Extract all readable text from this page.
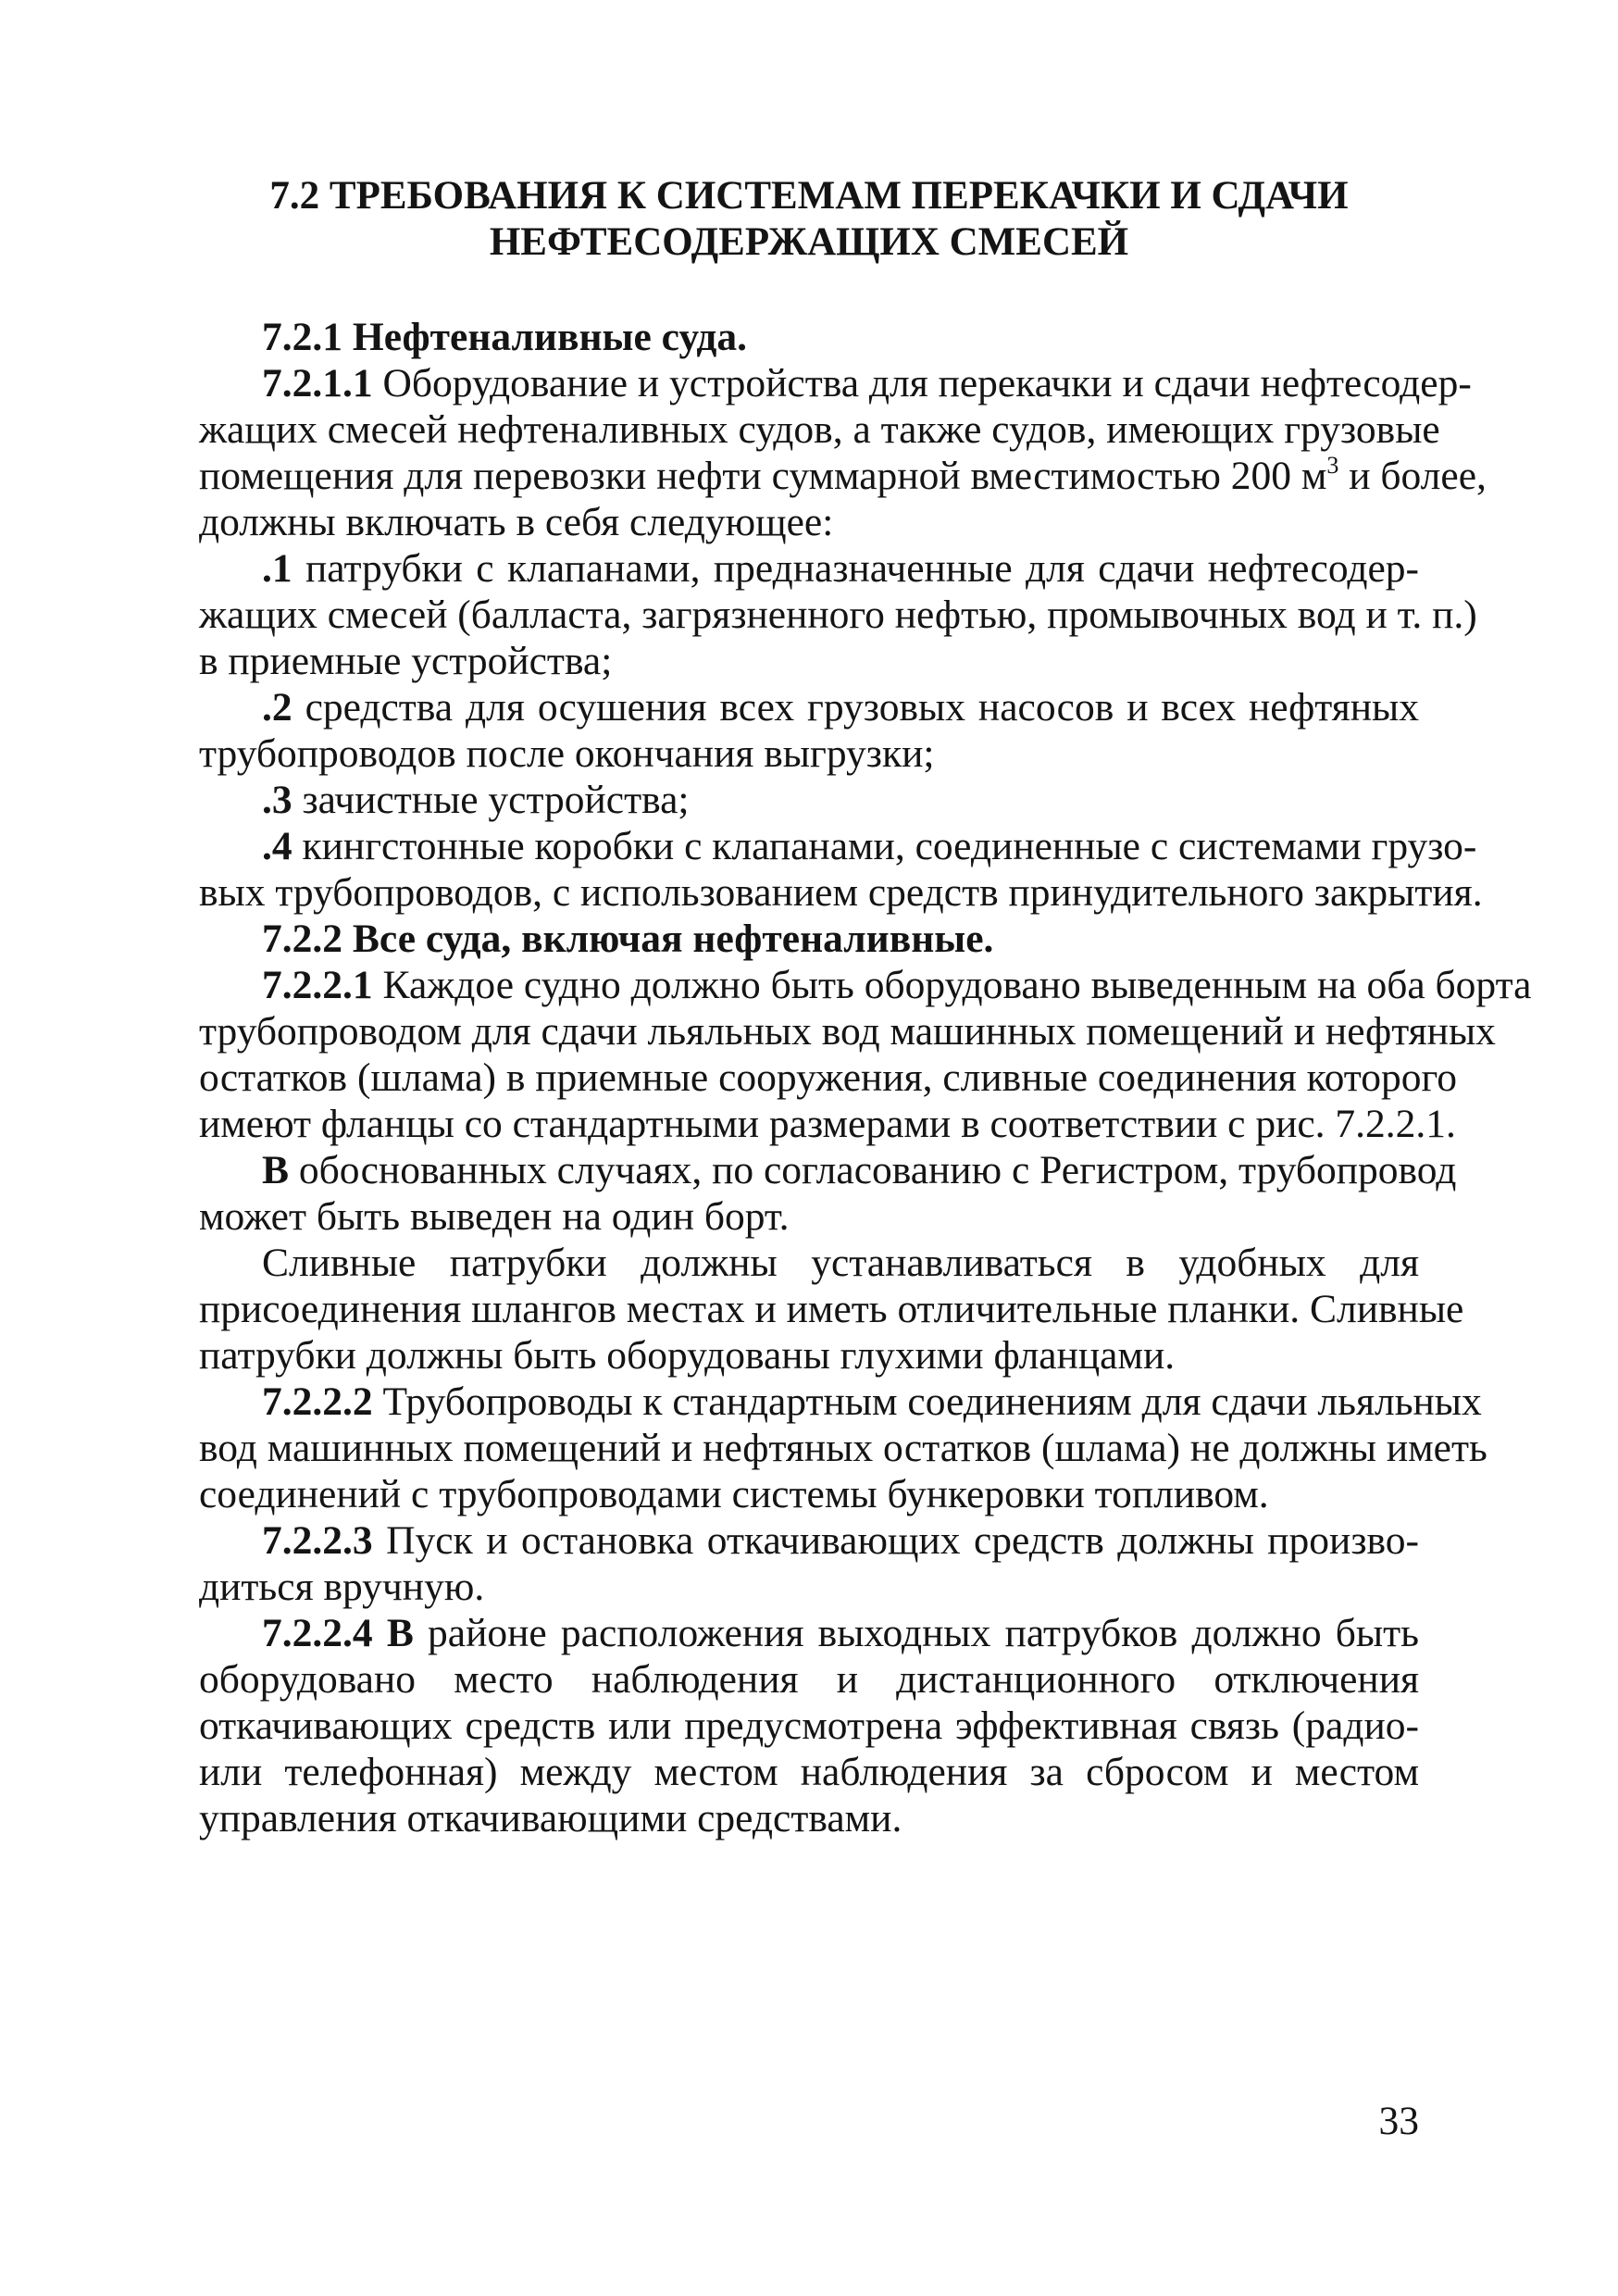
7.2 ТРЕБОВАНИЯ К СИСТЕМАМ ПЕРЕКАЧКИ И СДАЧИ
НЕФТЕСОДЕРЖАЩИХ СМЕСЕЙ
7.2.1 Нефтеналивные суда.
7.2.1.1 Оборудование и устройства для перекачки и сдачи нефтесодер-
жащих смесей нефтеналивных судов, а также судов, имеющих грузовые
помещения для перевозки нефти суммарной вместимостью 200 $м^3$ и более,
должны включать в себя следующее:
.1 патрубки с клапанами, предназначенные для сдачи нефтесодер-
жащих смесей (балласта, загрязненного нефтью, промывочных вод и т. п.)
в приемные устройства;
.2 средства для осушения всех грузовых насосов и всех нефтяных
трубопроводов после окончания выгрузки;
.3 зачистные устройства;
.4 кингстонные коробки с клапанами, соединенные с системами грузо-
вых трубопроводов, с использованием средств принудительного закрытия.
7.2.2 Все суда, включая нефтеналивные.
7.2.2.1 Каждое судно должно быть оборудовано выведенным на оба борта
трубопроводом для сдачи льяльных вод машинных помещений и нефтяных
остатков (шлама) в приемные сооружения, сливные соединения которого
имеют фланцы со стандартными размерами в соответствии с рис. 7.2.2.1.
В обоснованных случаях, по согласованию с Регистром, трубопровод
может быть выведен на один борт.
Сливные патрубки должны устанавливаться в удобных для
присоединения шлангов местах и иметь отличительные планки. Сливные
патрубки должны быть оборудованы глухими фланцами.
7.2.2.2 Трубопроводы к стандартным соединениям для сдачи льяльных
вод машинных помещений и нефтяных остатков (шлама) не должны иметь
соединений с трубопроводами системы бункеровки топливом.
7.2.2.3 Пуск и остановка откачивающих средств должны произво-
диться вручную.
7.2.2.4 В районе расположения выходных патрубков должно быть
оборудовано место наблюдения и дистанционного отключения
откачивающих средств или предусмотрена эффективная связь (радио-
или телефонная) между местом наблюдения за сбросом и местом
управления откачивающими средствами.
33
